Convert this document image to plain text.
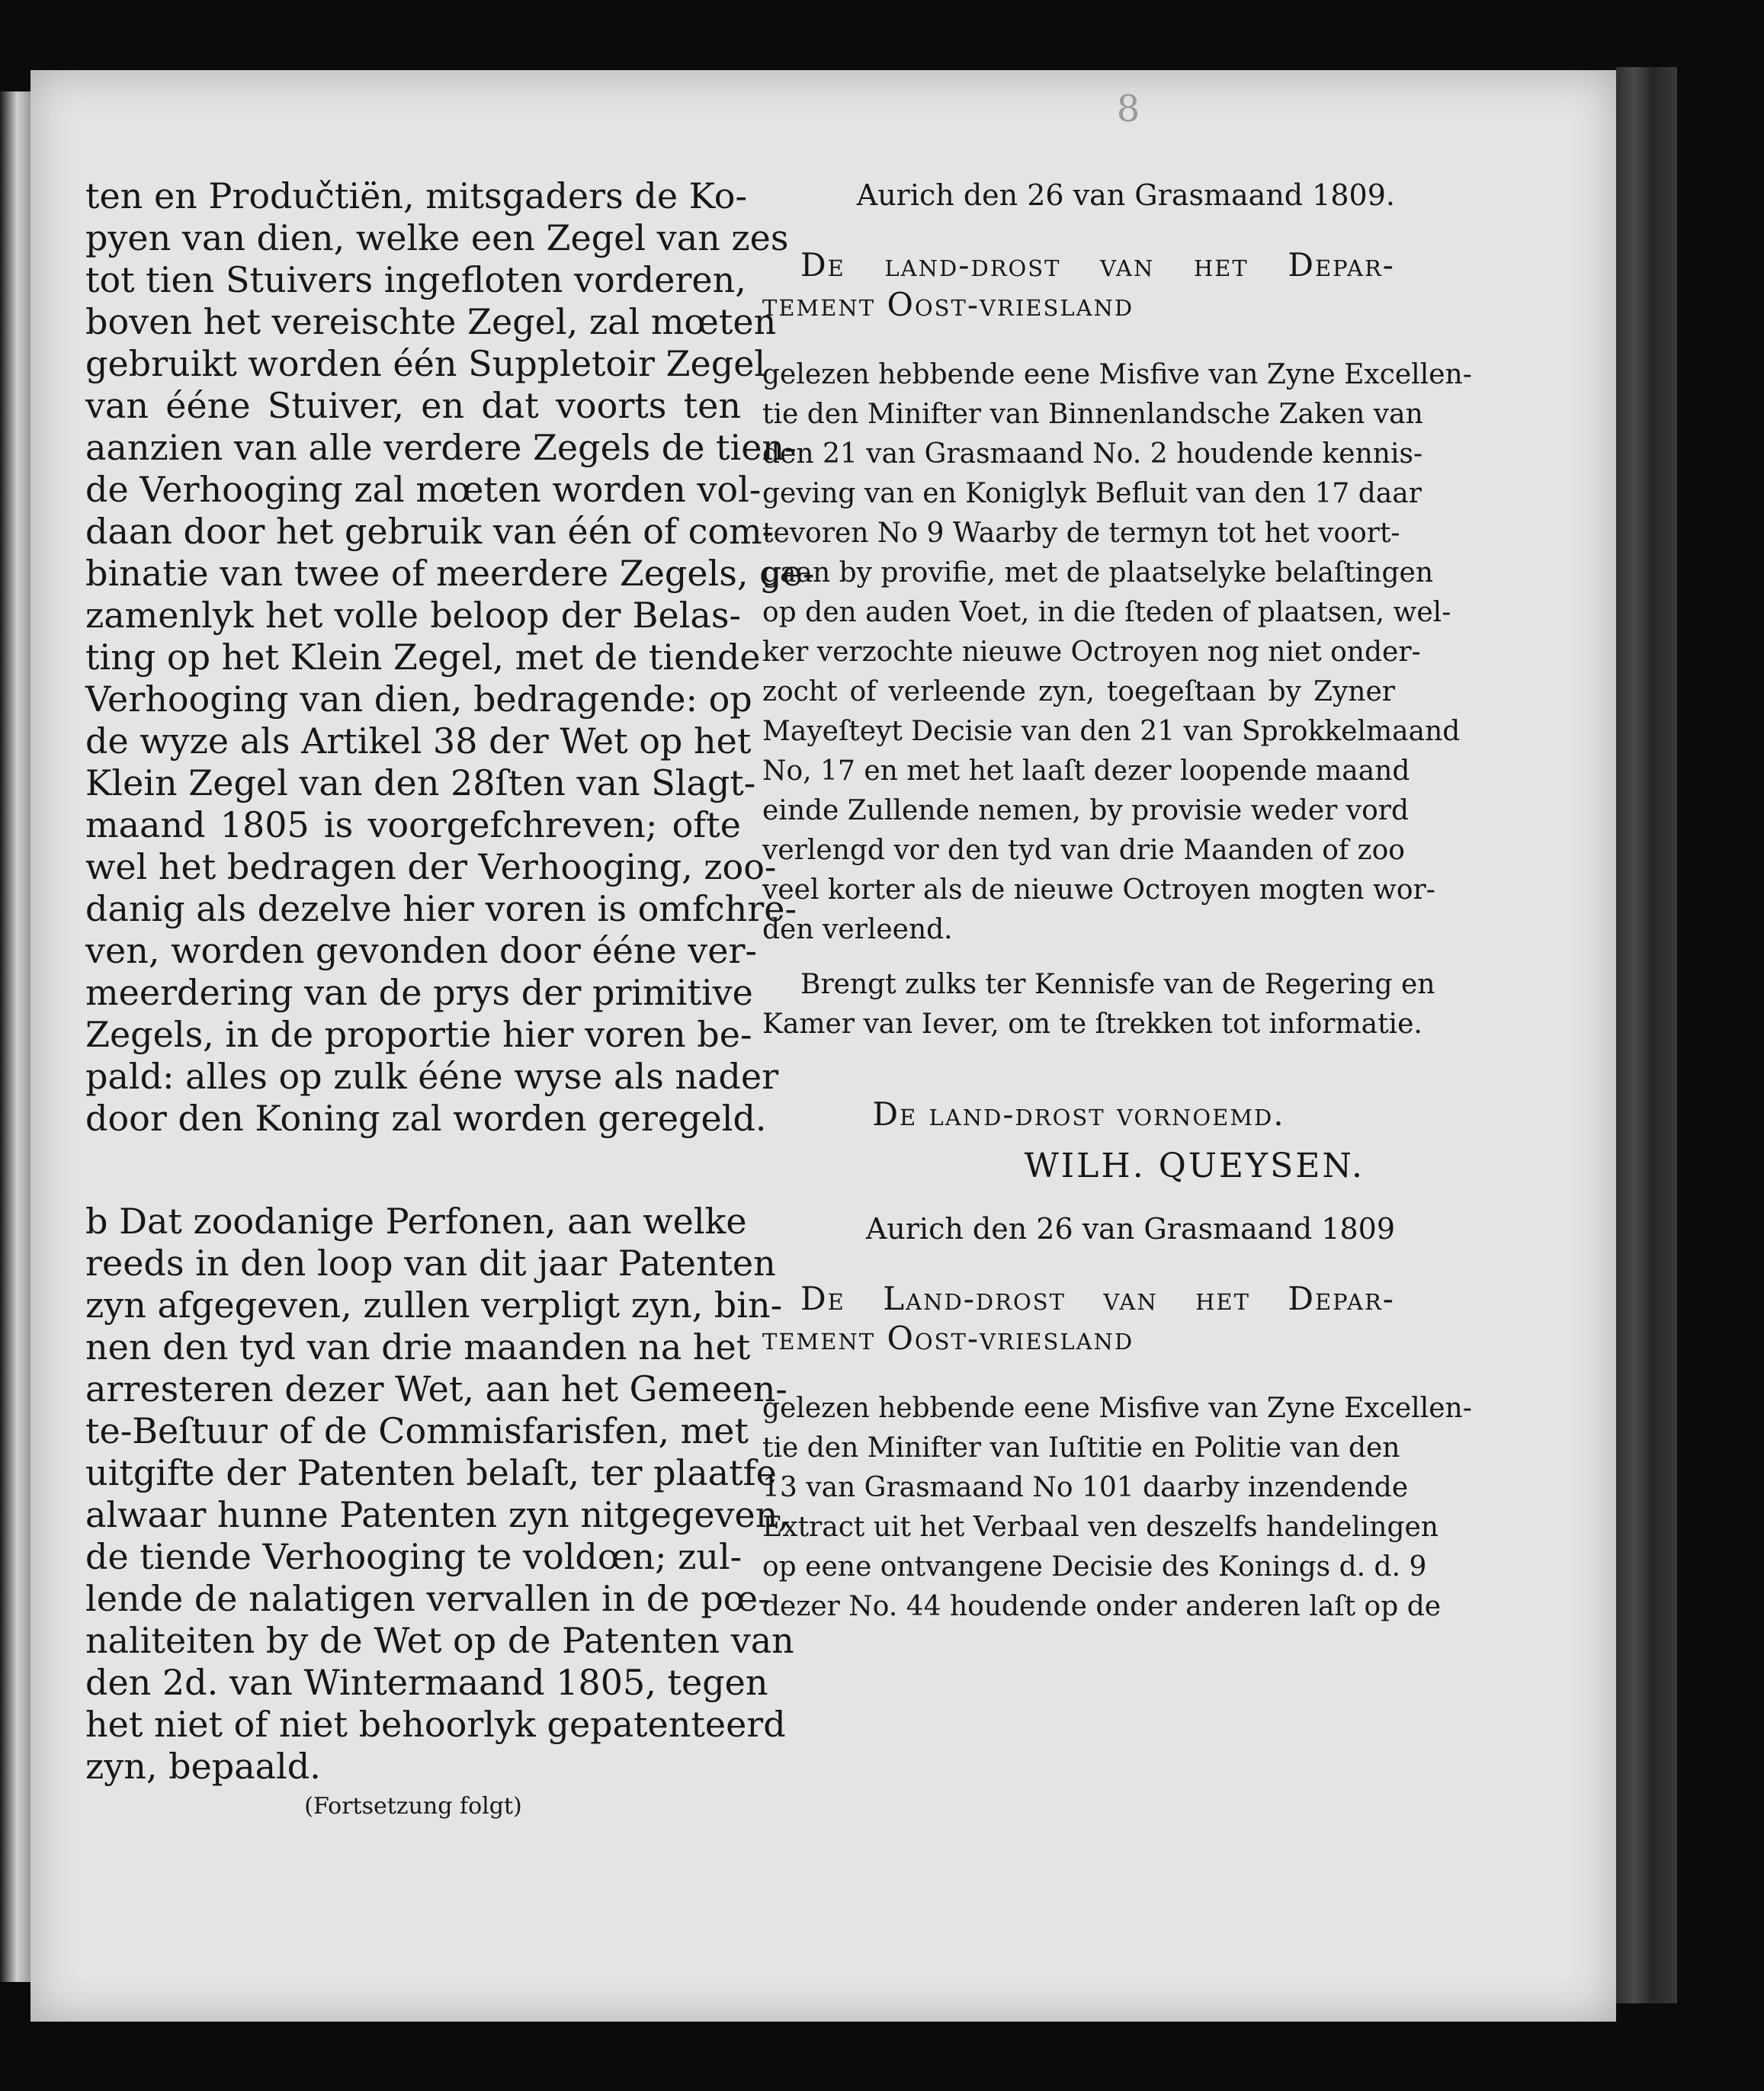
8
ten en Produčtiën, mitsgaders de Ko-
pyen van dien, welke een Zegel van zes
tot tien Stuivers ingefloten vorderen,
boven het vereischte Zegel, zal mœten
gebruikt worden één Suppletoir Zegel
van ééne Stuiver, en dat voorts ten
aanzien van alle verdere Zegels de tien-
de Verhooging zal mœten worden vol-
daan door het gebruik van één of com-
binatie van twee of meerdere Zegels, ge-
zamenlyk het volle beloop der Belas-
ting op het Klein Zegel, met de tiende
Verhooging van dien, bedragende: op
de wyze als Artikel 38 der Wet op het
Klein Zegel van den 28ſten van Slagt-
maand 1805 is voorgefchreven; ofte
wel het bedragen der Verhooging, zoo-
danig als dezelve hier voren is omfchre-
ven, worden gevonden door ééne ver-
meerdering van de prys der primitive
Zegels, in de proportie hier voren be-
pald: alles op zulk ééne wyse als nader
door den Koning zal worden geregeld.
b Dat zoodanige Perfonen, aan welke
reeds in den loop van dit jaar Patenten
zyn afgegeven, zullen verpligt zyn, bin-
nen den tyd van drie maanden na het
arresteren dezer Wet, aan het Gemeen-
te-Beſtuur of de Commisfarisfen, met
uitgifte der Patenten belaſt, ter plaatfe
alwaar hunne Patenten zyn nitgegeven,
de tiende Verhooging te voldœn; zul-
lende de nalatigen vervallen in de pœ-
naliteiten by de Wet op de Patenten van
den 2d. van Wintermaand 1805, tegen
het niet of niet behoorlyk gepatenteerd
zyn, bepaald.
(Fortsetzung folgt)
Aurich den 26 van Grasmaand 1809.
De land-drost van het Depar-
tement Oost-vriesland
gelezen hebbende eene Misfive van Zyne Excellen-
tie den Minifter van Binnenlandsche Zaken van
den 21 van Grasmaand No. 2 houdende kennis-
geving van en Koniglyk Befluit van den 17 daar
tevoren No 9 Waarby de termyn tot het voort-
gaan by provifie, met de plaatselyke belaſtingen
op den auden Voet, in die ſteden of plaatsen, wel-
ker verzochte nieuwe Octroyen nog niet onder-
zocht of verleende zyn, toegeſtaan by Zyner
Mayeſteyt Decisie van den 21 van Sprokkelmaand
No, 17 en met het laaſt dezer loopende maand
einde Zullende nemen, by provisie weder vord
verlengd vor den tyd van drie Maanden of zoo
veel korter als de nieuwe Octroyen mogten wor-
den verleend.
Brengt zulks ter Kennisfe van de Regering en
Kamer van Iever, om te ſtrekken tot informatie.
De land-drost vornoemd.
WILH. QUEYSEN.
Aurich den 26 van Grasmaand 1809
De Land-drost van het Depar-
tement Oost-vriesland
gelezen hebbende eene Misfive van Zyne Excellen-
tie den Minifter van Iuſtitie en Politie van den
13 van Grasmaand No 101 daarby inzendende
Extract uit het Verbaal ven deszelfs handelingen
op eene ontvangene Decisie des Konings d. d. 9
dezer No. 44 houdende onder anderen laſt op de
